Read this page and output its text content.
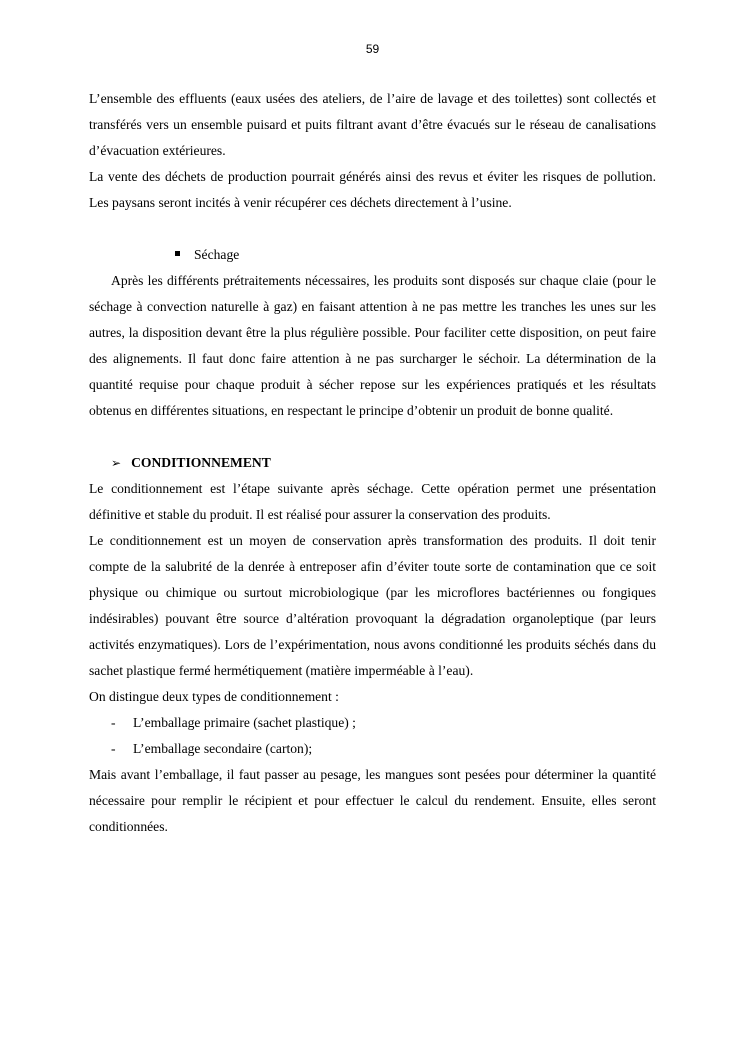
59

L’ensemble des effluents (eaux usées des ateliers, de l’aire de lavage et des toilettes) sont collectés et transférés vers un ensemble puisard et puits filtrant avant d’être évacués sur le réseau de canalisations d’évacuation extérieures.

La vente des déchets de production pourrait générés ainsi des revus et éviter les risques de pollution. Les paysans seront incités à venir récupérer ces déchets directement à l’usine.

Séchage

Après les différents prétraitements nécessaires, les produits sont disposés sur chaque claie (pour le séchage à convection naturelle à gaz) en faisant attention à ne pas mettre les tranches les unes sur les autres, la disposition devant être la plus régulière possible. Pour faciliter cette disposition, on peut faire des alignements. Il faut donc faire attention à ne pas surcharger le séchoir. La détermination de la quantité requise pour chaque produit à sécher repose sur les expériences pratiqués et les résultats obtenus en différentes situations, en respectant le principe d’obtenir un produit de bonne qualité.

➢ CONDITIONNEMENT

Le conditionnement est l’étape suivante après séchage. Cette opération permet une présentation définitive et stable du produit. Il est réalisé pour assurer la conservation des produits.

Le conditionnement est un moyen de conservation après transformation des produits. Il doit tenir compte de la salubrité de la denrée à entreposer afin d’éviter toute sorte de contamination que ce soit physique ou chimique ou surtout microbiologique (par les microflores bactériennes ou fongiques indésirables) pouvant être source d’altération provoquant la dégradation organoleptique (par leurs activités enzymatiques). Lors de l’expérimentation, nous avons conditionné les produits séchés dans du sachet plastique fermé hermétiquement (matière imperméable à l’eau).

On distingue deux types de conditionnement :

- L’emballage primaire (sachet plastique) ;

- L’emballage secondaire (carton);

Mais avant l’emballage, il faut passer au pesage, les mangues sont pesées pour déterminer la quantité nécessaire pour remplir le récipient et pour effectuer le calcul du rendement. Ensuite, elles seront conditionnées.
